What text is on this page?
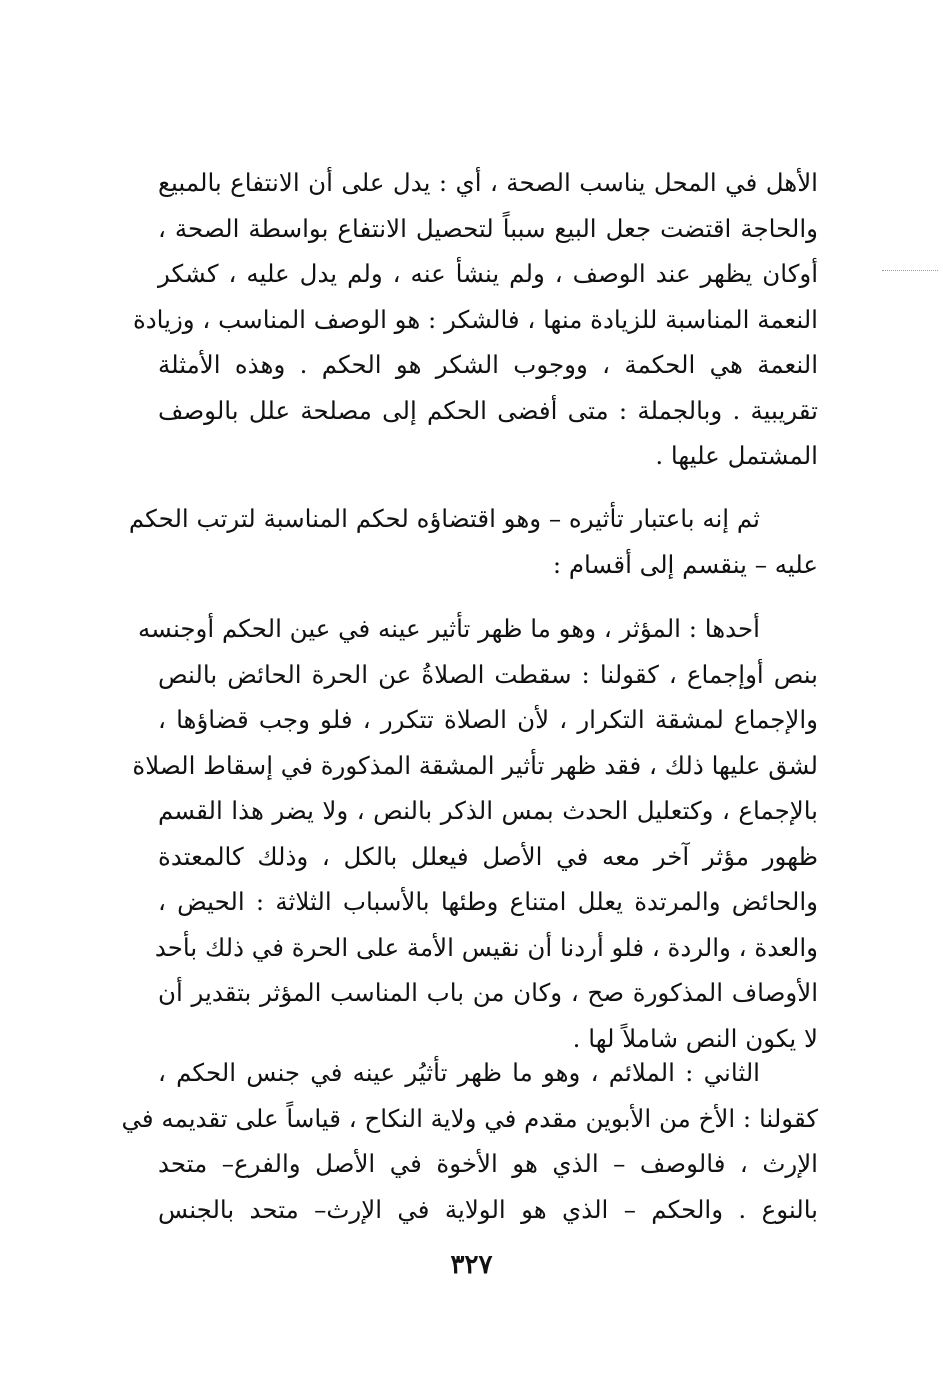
الأهل في المحل يناسب الصحة ، أي : يدل على أن الانتفاع بالمبيع
والحاجة اقتضت جعل البيع سبباً لتحصيل الانتفاع بواسطة الصحة ،
أوكان يظهر عند الوصف ، ولم ينشأ عنه ، ولم يدل عليه ، كشكر
النعمة المناسبة للزيادة منها ، فالشكر : هو الوصف المناسب ، وزيادة
النعمة هي الحكمة ، ووجوب الشكر هو الحكم . وهذه الأمثلة
تقريبية . وبالجملة : متى أفضى الحكم إلى مصلحة علل بالوصف
المشتمل عليها .
ثم إنه باعتبار تأثيره – وهو اقتضاؤه لحكم المناسبة لترتب الحكم
عليه – ينقسم إلى أقسام :
أحدها : المؤثر ، وهو ما ظهر تأثير عينه في عين الحكم أوجنسه
بنص أوإجماع ، كقولنا : سقطت الصلاةُ عن الحرة الحائض بالنص
والإجماع لمشقة التكرار ، لأن الصلاة تتكرر ، فلو وجب قضاؤها ،
لشق عليها ذلك ، فقد ظهر تأثير المشقة المذكورة في إسقاط الصلاة
بالإجماع ، وكتعليل الحدث بمس الذكر بالنص ، ولا يضر هذا القسم
ظهور مؤثر آخر معه في الأصل فيعلل بالكل ، وذلك كالمعتدة
والحائض والمرتدة يعلل امتناع وطئها بالأسباب الثلاثة : الحيض ،
والعدة ، والردة ، فلو أردنا أن نقيس الأمة على الحرة في ذلك بأحد
الأوصاف المذكورة صح ، وكان من باب المناسب المؤثر بتقدير أن
لا يكون النص شاملاً لها .
الثاني : الملائم ، وهو ما ظهر تأثيُر عينه في جنس الحكم ،
كقولنا : الأخ من الأبوين مقدم في ولاية النكاح ، قياساً على تقديمه في
الإرث ، فالوصف – الذي هو الأخوة في الأصل والفرع– متحد
بالنوع . والحكم – الذي هو الولاية في الإرث– متحد بالجنس
٣٢٧
